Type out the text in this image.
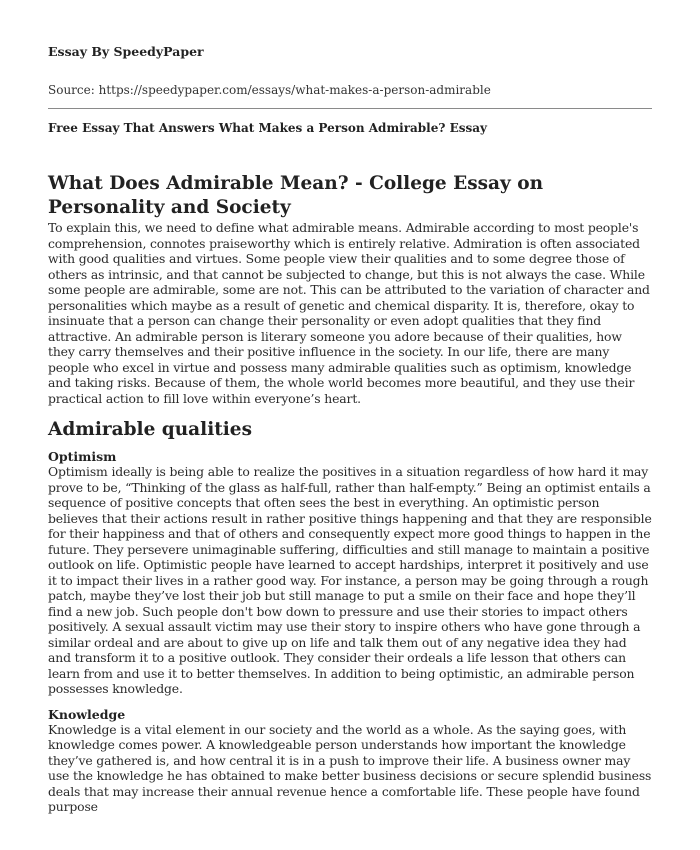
Essay By SpeedyPaper

Source: https://speedypaper.com/essays/what-makes-a-person-admirable

Free Essay That Answers What Makes a Person Admirable? Essay
What Does Admirable Mean? - College Essay on Personality and Society

To explain this, we need to define what admirable means. Admirable according to most people's comprehension, connotes praiseworthy which is entirely relative. Admiration is often associated with good qualities and virtues. Some people view their qualities and to some degree those of others as intrinsic, and that cannot be subjected to change, but this is not always the case. While some people are admirable, some are not. This can be attributed to the variation of character and personalities which maybe as a result of genetic and chemical disparity. It is, therefore, okay to insinuate that a person can change their personality or even adopt qualities that they find attractive. An admirable person is literary someone you adore because of their qualities, how they carry themselves and their positive influence in the society. In our life, there are many people who excel in virtue and possess many admirable qualities such as optimism, knowledge and taking risks. Because of them, the whole world becomes more beautiful, and they use their practical action to fill love within everyone’s heart.

Admirable qualities
Optimism

Optimism ideally is being able to realize the positives in a situation regardless of how hard it may prove to be, “Thinking of the glass as half-full, rather than half-empty.” Being an optimist entails a sequence of positive concepts that often sees the best in everything. An optimistic person believes that their actions result in rather positive things happening and that they are responsible for their happiness and that of others and consequently expect more good things to happen in the future. They persevere unimaginable suffering, difficulties and still manage to maintain a positive outlook on life. Optimistic people have learned to accept hardships, interpret it positively and use it to impact their lives in a rather good way. For instance, a person may be going through a rough patch, maybe they’ve lost their job but still manage to put a smile on their face and hope they’ll find a new job. Such people don't bow down to pressure and use their stories to impact others positively. A sexual assault victim may use their story to inspire others who have gone through a similar ordeal and are about to give up on life and talk them out of any negative idea they had and transform it to a positive outlook. They consider their ordeals a life lesson that others can learn from and use it to better themselves. In addition to being optimistic, an admirable person possesses knowledge.

Knowledge

Knowledge is a vital element in our society and the world as a whole. As the saying goes, with knowledge comes power. A knowledgeable person understands how important the knowledge they’ve gathered is, and how central it is in a push to improve their life. A business owner may use the knowledge he has obtained to make better business decisions or secure splendid business deals that may increase their annual revenue hence a comfortable life. These people have found purpose
